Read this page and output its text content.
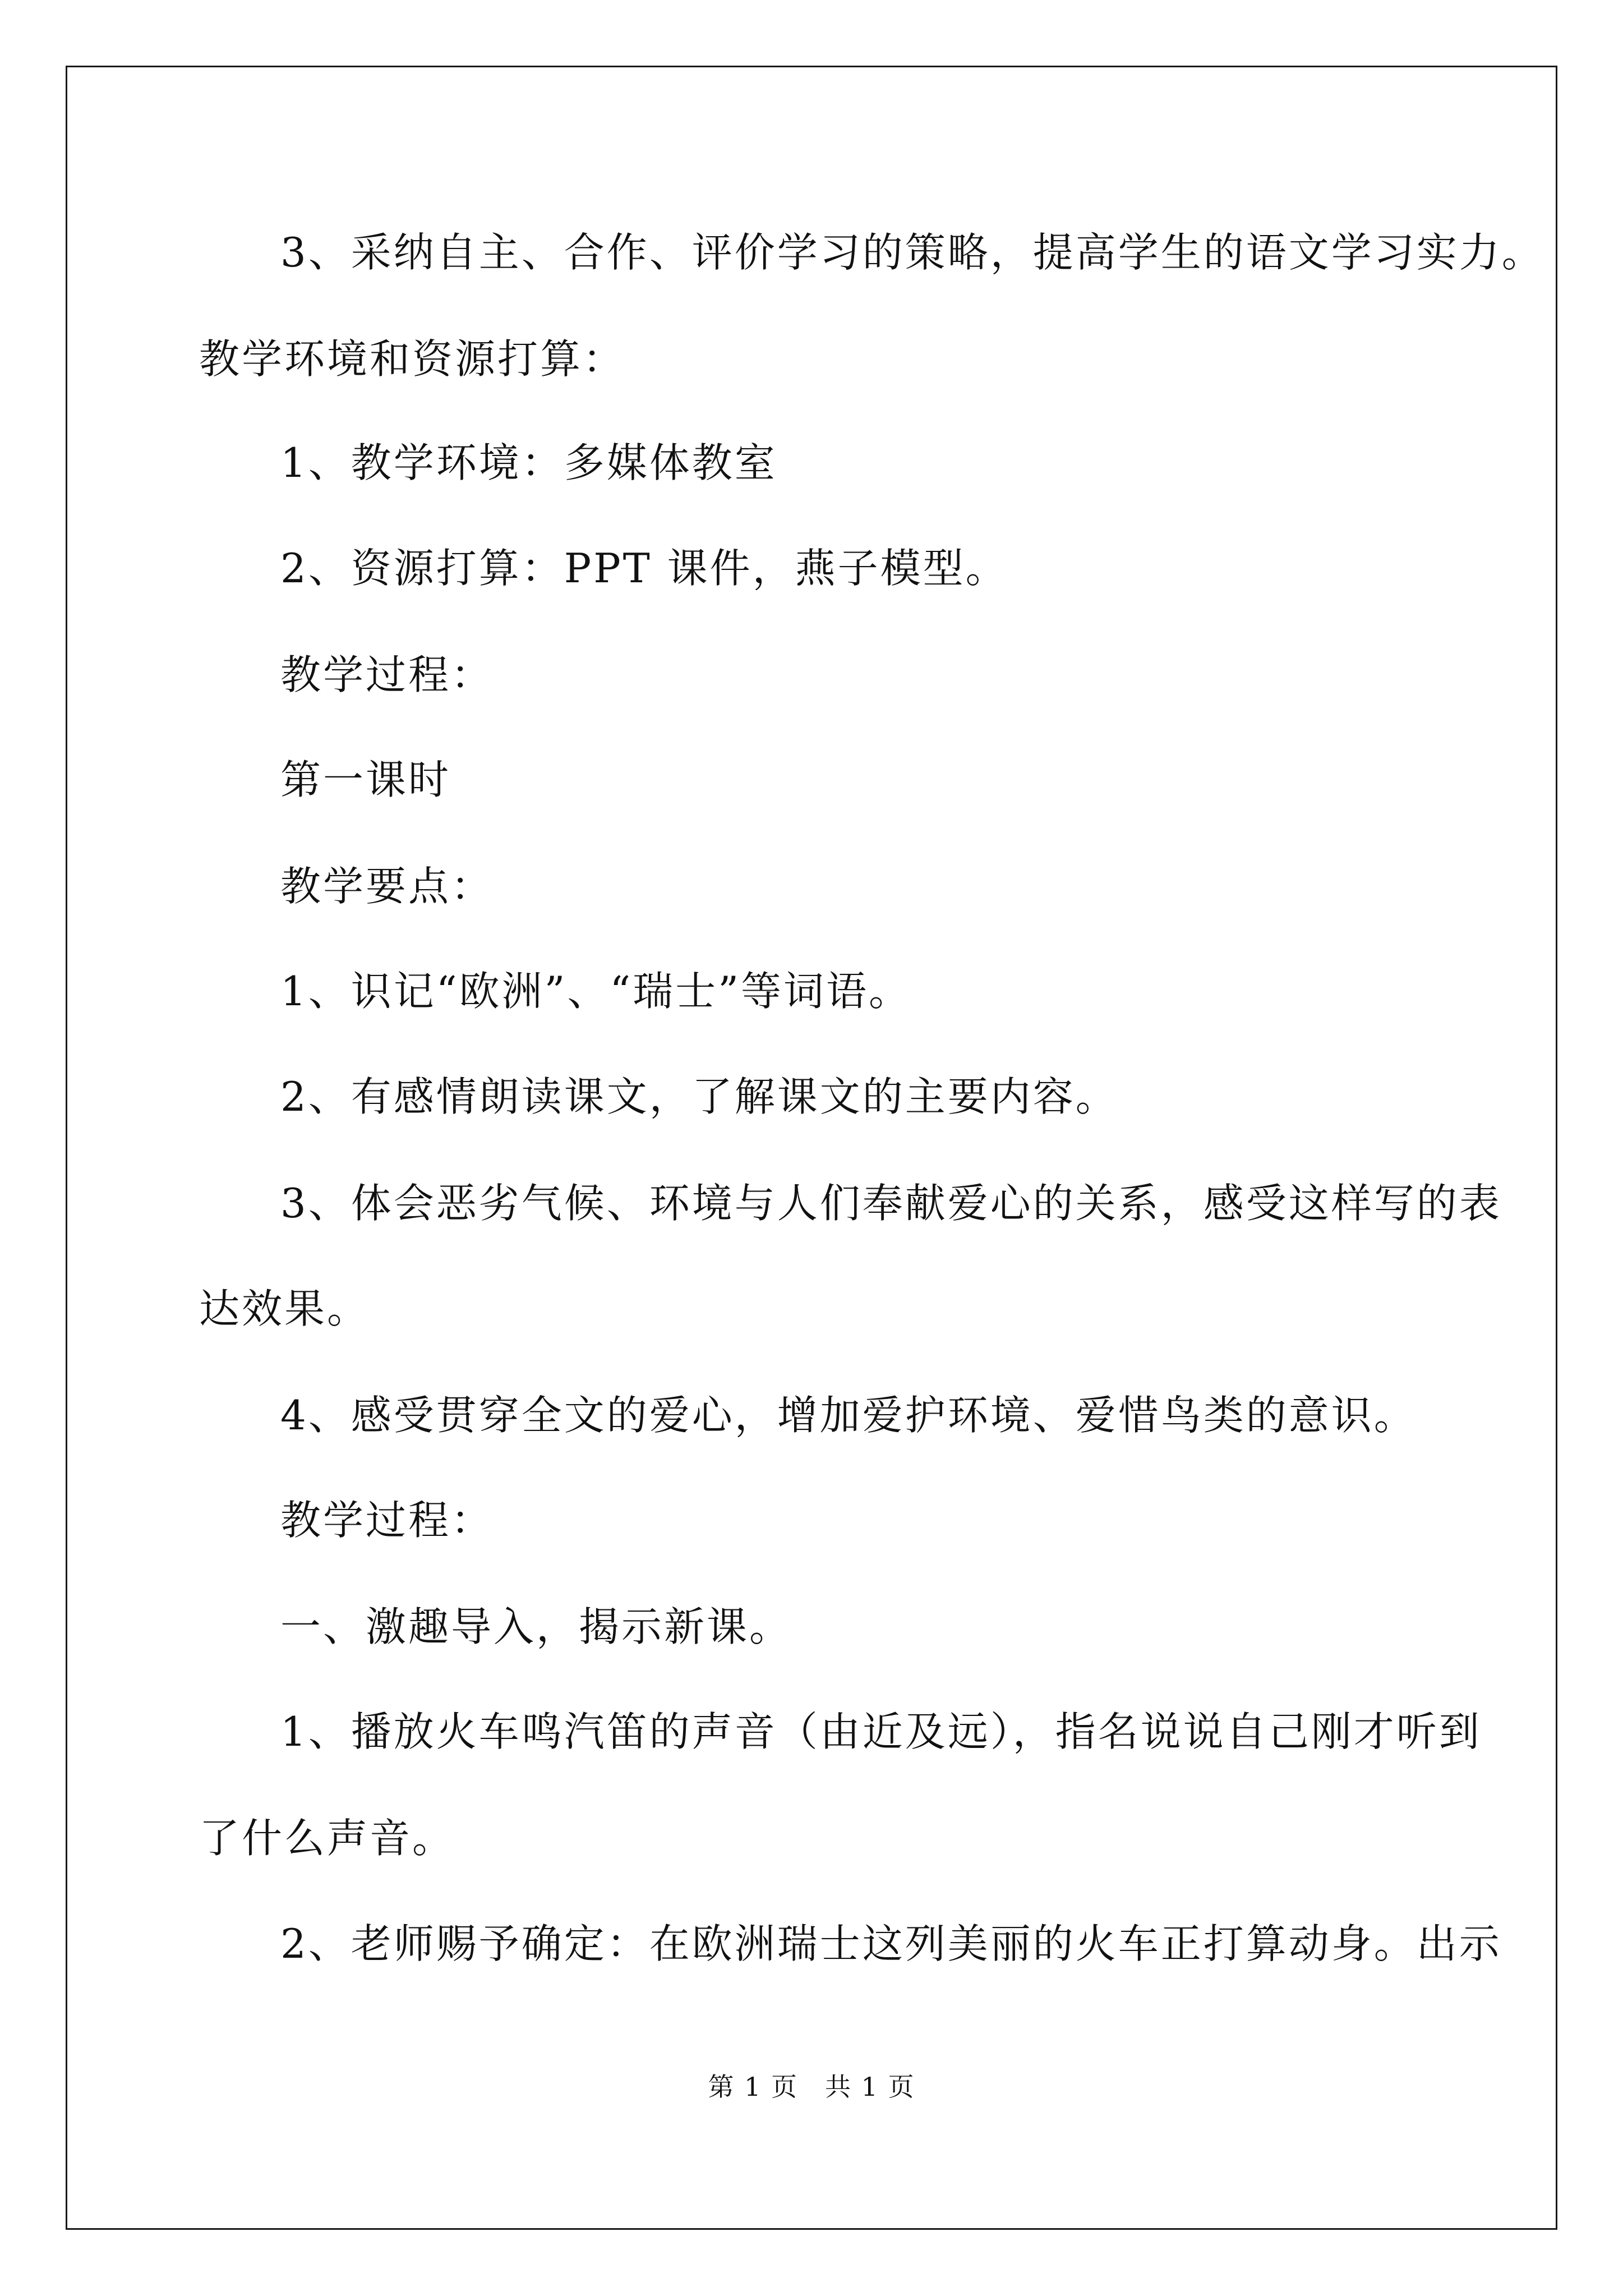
3、采纳自主、合作、评价学习的策略，提高学生的语文学习实力。
教学环境和资源打算：
1、教学环境：多媒体教室
2、资源打算：PPT 课件，燕子模型。
教学过程：
第一课时
教学要点：
1、识记“欧洲”、“瑞士”等词语。
2、有感情朗读课文，了解课文的主要内容。
3、体会恶劣气候、环境与人们奉献爱心的关系，感受这样写的表
达效果。
4、感受贯穿全文的爱心，增加爱护环境、爱惜鸟类的意识。
教学过程：
一、激趣导入，揭示新课。
1、播放火车鸣汽笛的声音（由近及远），指名说说自己刚才听到
了什么声音。
2、老师赐予确定：在欧洲瑞士这列美丽的火车正打算动身。出示
第 1 页　共 1 页
